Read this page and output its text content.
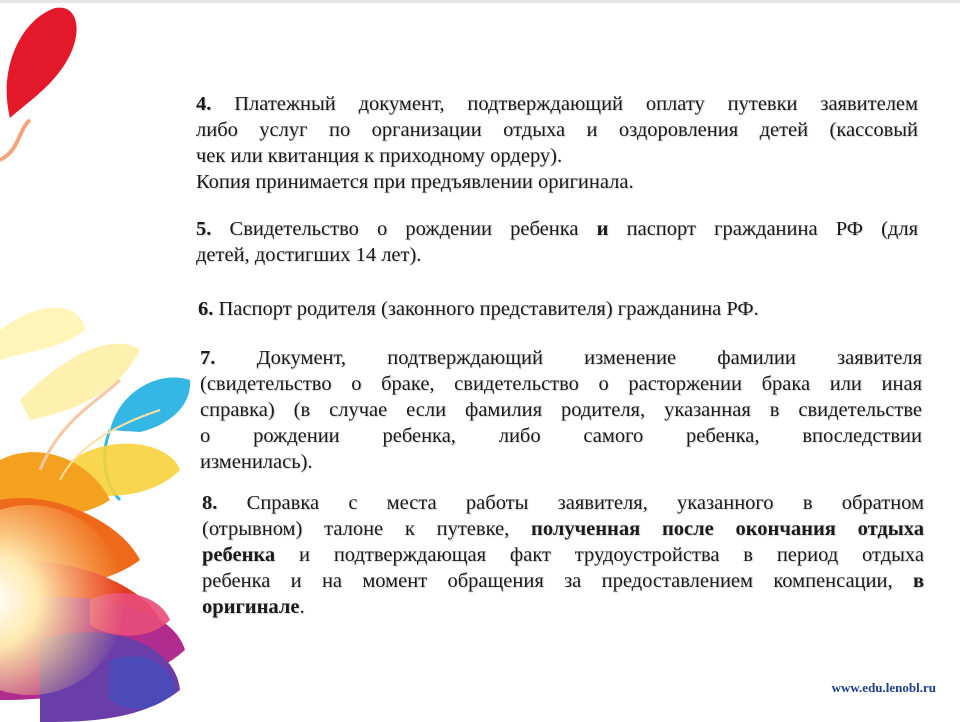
4. Платежный документ, подтверждающий оплату путевки заявителем
либо услуг по организации отдыха и оздоровления детей (кассовый
чек или квитанция к приходному ордеру).
Копия принимается при предъявлении оригинала.
5. Свидетельство о рождении ребенка и паспорт гражданина РФ (для
детей, достигших 14 лет).
6. Паспорт родителя (законного представителя) гражданина РФ.
7. Документ, подтверждающий изменение фамилии заявителя
(свидетельство о браке, свидетельство о расторжении брака или иная
справка) (в случае если фамилия родителя, указанная в свидетельстве
о рождении ребенка, либо самого ребенка, впоследствии
изменилась).
8. Справка с места работы заявителя, указанного в обратном
(отрывном) талоне к путевке, полученная после окончания отдыха
ребенка и подтверждающая факт трудоустройства в период отдыха
ребенка и на момент обращения за предоставлением компенсации, в
оригинале.
www.edu.lenobl.ru
